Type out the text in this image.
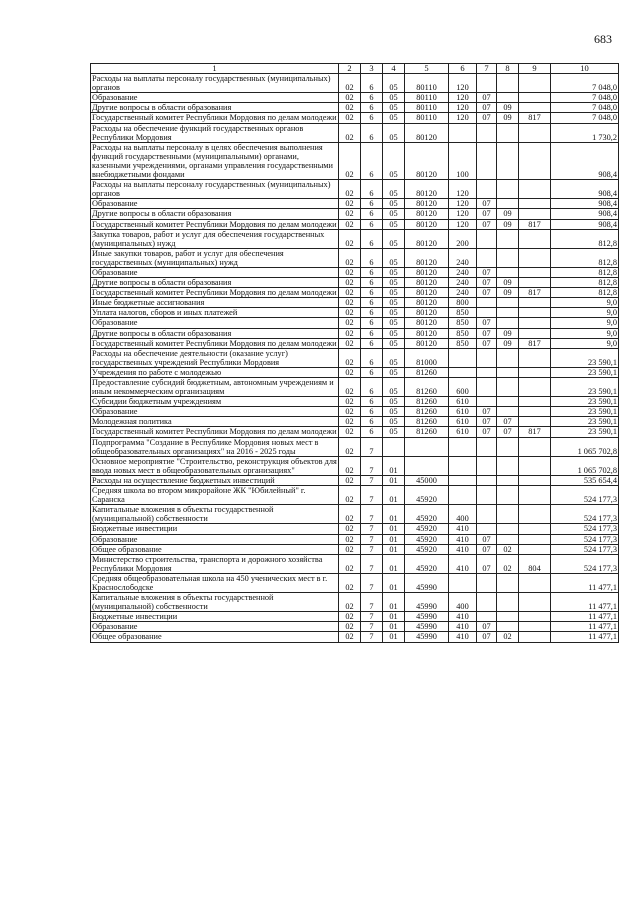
683
1	2	3	4	5	6	7	8	9	10
Расходы на выплаты персоналу государственных (муниципальных) органов	02	6	05	80110	120				7 048,0
Образование	02	6	05	80110	120	07			7 048,0
Другие вопросы в области образования	02	6	05	80110	120	07	09		7 048,0
Государственный комитет Республики Мордовия по делам молодежи	02	6	05	80110	120	07	09	817	7 048,0
Расходы на обеспечение функций государственных органов Республики Мордовия	02	6	05	80120					1 730,2
Расходы на выплаты персоналу в целях обеспечения выполнения функций государственными (муниципальными) органами, казенными учреждениями, органами управления государственными внебюджетными фондами	02	6	05	80120	100				908,4
Расходы на выплаты персоналу государственных (муниципальных) органов	02	6	05	80120	120				908,4
Образование	02	6	05	80120	120	07			908,4
Другие вопросы в области образования	02	6	05	80120	120	07	09		908,4
Государственный комитет Республики Мордовия по делам молодежи	02	6	05	80120	120	07	09	817	908,4
Закупка товаров, работ и услуг для обеспечения государственных (муниципальных) нужд	02	6	05	80120	200				812,8
Иные закупки товаров, работ и услуг для обеспечения государственных (муниципальных) нужд	02	6	05	80120	240				812,8
Образование	02	6	05	80120	240	07			812,8
Другие вопросы в области образования	02	6	05	80120	240	07	09		812,8
Государственный комитет Республики Мордовия по делам молодежи	02	6	05	80120	240	07	09	817	812,8
Иные бюджетные ассигнования	02	6	05	80120	800				9,0
Уплата налогов, сборов и иных платежей	02	6	05	80120	850				9,0
Образование	02	6	05	80120	850	07			9,0
Другие вопросы в области образования	02	6	05	80120	850	07	09		9,0
Государственный комитет Республики Мордовия по делам молодежи	02	6	05	80120	850	07	09	817	9,0
Расходы на обеспечение деятельности (оказание услуг) государственных учреждений Республики Мордовия	02	6	05	81000					23 590,1
Учреждения по работе с молодежью	02	6	05	81260					23 590,1
Предоставление субсидий бюджетным, автономным учреждениям и иным некоммерческим организациям	02	6	05	81260	600				23 590,1
Субсидии бюджетным учреждениям	02	6	05	81260	610				23 590,1
Образование	02	6	05	81260	610	07			23 590,1
Молодежная политика	02	6	05	81260	610	07	07		23 590,1
Государственный комитет Республики Мордовия по делам молодежи	02	6	05	81260	610	07	07	817	23 590,1
Подпрограмма "Создание в Республике Мордовия новых мест в общеобразовательных организациях" на 2016 - 2025 годы	02	7							1 065 702,8
Основное мероприятие "Строительство, реконструкция объектов для ввода новых мест в общеобразовательных организациях"	02	7	01						1 065 702,8
Расходы на осуществление бюджетных инвестиций	02	7	01	45000					535 654,4
Средняя школа во втором микрорайоне ЖК "Юбилейный" г. Саранска	02	7	01	45920					524 177,3
Капитальные вложения в объекты государственной (муниципальной) собственности	02	7	01	45920	400				524 177,3
Бюджетные инвестиции	02	7	01	45920	410				524 177,3
Образование	02	7	01	45920	410	07			524 177,3
Общее образование	02	7	01	45920	410	07	02		524 177,3
Министерство строительства, транспорта и дорожного хозяйства Республики Мордовия	02	7	01	45920	410	07	02	804	524 177,3
Средняя общеобразовательная школа на 450 ученических мест в г. Краснослободске	02	7	01	45990					11 477,1
Капитальные вложения в объекты государственной (муниципальной) собственности	02	7	01	45990	400				11 477,1
Бюджетные инвестиции	02	7	01	45990	410				11 477,1
Образование	02	7	01	45990	410	07			11 477,1
Общее образование	02	7	01	45990	410	07	02		11 477,1
